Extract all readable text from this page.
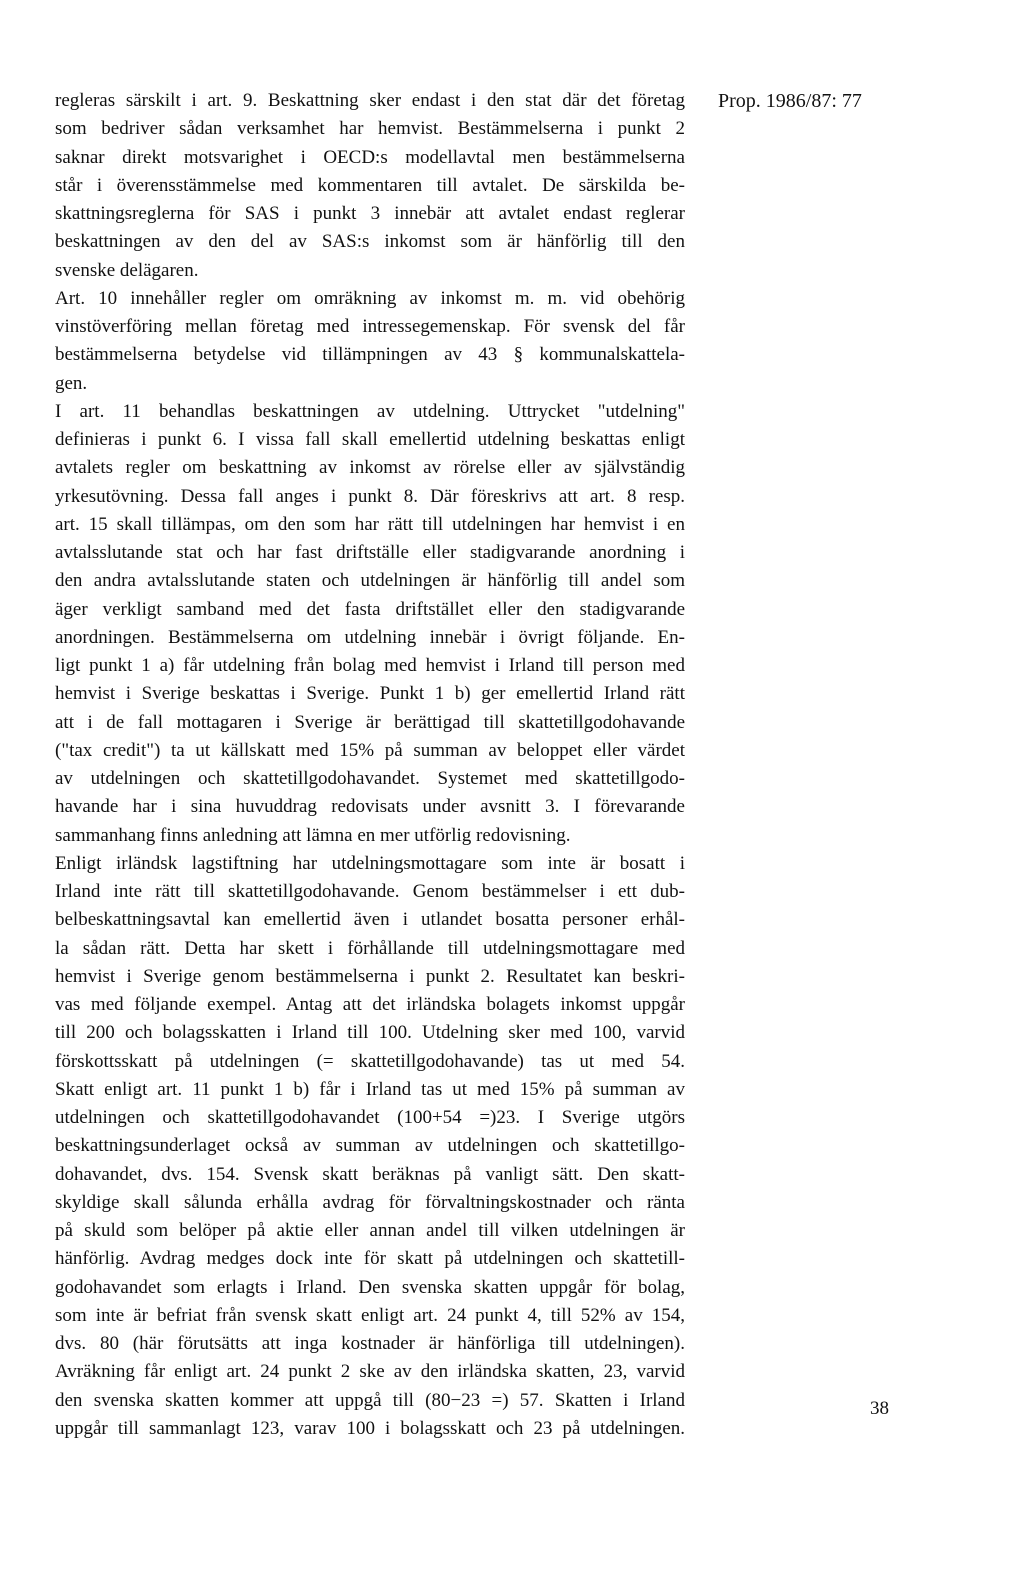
Prop. 1986/87: 77
regleras särskilt i art. 9. Beskattning sker endast i den stat där det företag
som bedriver sådan verksamhet har hemvist. Bestämmelserna i punkt 2
saknar direkt motsvarighet i OECD:s modellavtal men bestämmelserna
står i överensstämmelse med kommentaren till avtalet. De särskilda be-
skattningsreglerna för SAS i punkt 3 innebär att avtalet endast reglerar
beskattningen av den del av SAS:s inkomst som är hänförlig till den
svenske delägaren.
Art. 10 innehåller regler om omräkning av inkomst m. m. vid obehörig
vinstöverföring mellan företag med intressegemenskap. För svensk del får
bestämmelserna betydelse vid tillämpningen av 43 § kommunalskattela-
gen.
I art. 11 behandlas beskattningen av utdelning. Uttrycket "utdelning"
definieras i punkt 6. I vissa fall skall emellertid utdelning beskattas enligt
avtalets regler om beskattning av inkomst av rörelse eller av självständig
yrkesutövning. Dessa fall anges i punkt 8. Där föreskrivs att art. 8 resp.
art. 15 skall tillämpas, om den som har rätt till utdelningen har hemvist i en
avtalsslutande stat och har fast driftställe eller stadigvarande anordning i
den andra avtalsslutande staten och utdelningen är hänförlig till andel som
äger verkligt samband med det fasta driftstället eller den stadigvarande
anordningen. Bestämmelserna om utdelning innebär i övrigt följande. En-
ligt punkt 1 a) får utdelning från bolag med hemvist i Irland till person med
hemvist i Sverige beskattas i Sverige. Punkt 1 b) ger emellertid Irland rätt
att i de fall mottagaren i Sverige är berättigad till skattetillgodohavande
("tax credit") ta ut källskatt med 15% på summan av beloppet eller värdet
av utdelningen och skattetillgodohavandet. Systemet med skattetillgodo-
havande har i sina huvuddrag redovisats under avsnitt 3. I förevarande
sammanhang finns anledning att lämna en mer utförlig redovisning.
Enligt irländsk lagstiftning har utdelningsmottagare som inte är bosatt i
Irland inte rätt till skattetillgodohavande. Genom bestämmelser i ett dub-
belbeskattningsavtal kan emellertid även i utlandet bosatta personer erhål-
la sådan rätt. Detta har skett i förhållande till utdelningsmottagare med
hemvist i Sverige genom bestämmelserna i punkt 2. Resultatet kan beskri-
vas med följande exempel. Antag att det irländska bolagets inkomst uppgår
till 200 och bolagsskatten i Irland till 100. Utdelning sker med 100, varvid
förskottsskatt på utdelningen (= skattetillgodohavande) tas ut med 54.
Skatt enligt art. 11 punkt 1 b) får i Irland tas ut med 15% på summan av
utdelningen och skattetillgodohavandet (100+54 =)23. I Sverige utgörs
beskattningsunderlaget också av summan av utdelningen och skattetillgo-
dohavandet, dvs. 154. Svensk skatt beräknas på vanligt sätt. Den skatt-
skyldige skall sålunda erhålla avdrag för förvaltningskostnader och ränta
på skuld som belöper på aktie eller annan andel till vilken utdelningen är
hänförlig. Avdrag medges dock inte för skatt på utdelningen och skattetill-
godohavandet som erlagts i Irland. Den svenska skatten uppgår för bolag,
som inte är befriat från svensk skatt enligt art. 24 punkt 4, till 52% av 154,
dvs. 80 (här förutsätts att inga kostnader är hänförliga till utdelningen).
Avräkning får enligt art. 24 punkt 2 ske av den irländska skatten, 23, varvid
den svenska skatten kommer att uppgå till (80−23 =) 57. Skatten i Irland
uppgår till sammanlagt 123, varav 100 i bolagsskatt och 23 på utdelningen.
38
